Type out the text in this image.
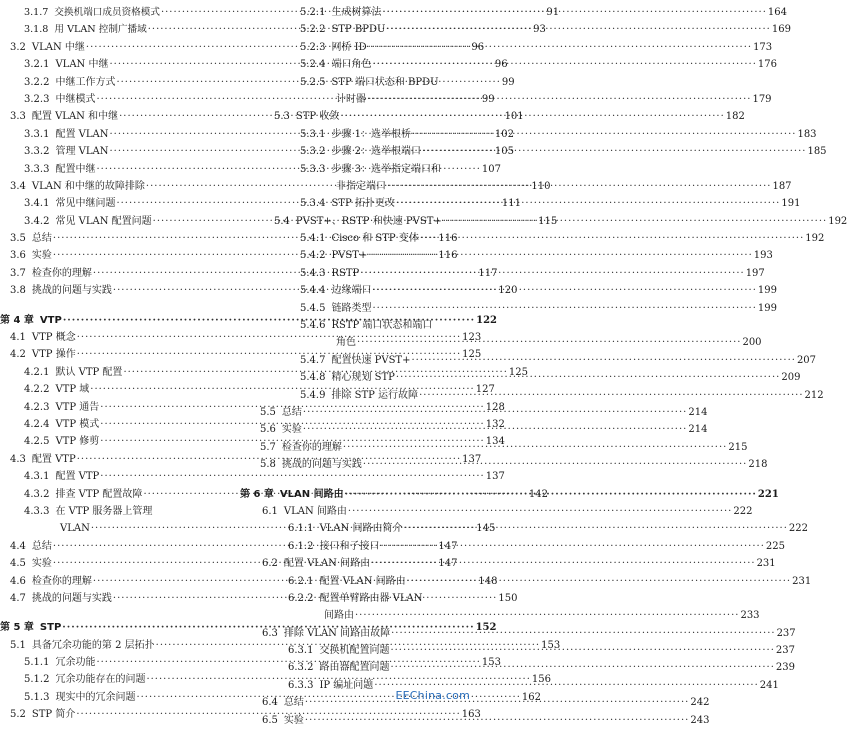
3.1.7 交换机端口成员资格模式 ·····	91
3.1.8 用 VLAN 控制广播域 ·····	93
3.2 VLAN 中继 ·····	96
3.2.1 VLAN 中继 ·····	96
3.2.2 中继工作方式 ·····	99
3.2.3 中继模式 ·····	99
3.3 配置 VLAN 和中继 ·····	101
3.3.1 配置 VLAN ·····	102
3.3.2 管理 VLAN ·····	105
3.3.3 配置中继 ·····	107
3.4 VLAN 和中继的故障排除 ·····	110
3.4.1 常见中继问题 ·····	111
3.4.2 常见 VLAN 配置问题 ·····	115
3.5 总结 ·····	116
3.6 实验 ·····	116
3.7 检查你的理解 ·····	117
3.8 挑战的问题与实践 ·····	120
第 4 章 VTP ·····	122
4.1 VTP 概念 ·····	123
4.2 VTP 操作 ·····	125
4.2.1 默认 VTP 配置 ·····	125
4.2.2 VTP 域 ·····	127
4.2.3 VTP 通告 ·····	128
4.2.4 VTP 模式 ·····	132
4.2.5 VTP 修剪 ·····	134
4.3 配置 VTP ·····	137
4.3.1 配置 VTP ·····	137
4.3.2 排查 VTP 配置故障 ·····	142
4.3.3 在 VTP 服务器上管理
VLAN ·····	145
4.4 总结 ·····	147
4.5 实验 ·····	147
4.6 检查你的理解 ·····	148
4.7 挑战的问题与实践 ·····	150
第 5 章 STP ·····	152
5.1 具备冗余功能的第 2 层拓扑 ·····	153
5.1.1 冗余功能 ·····	153
5.1.2 冗余功能存在的问题 ·····	156
5.1.3 现实中的冗余问题 ·····	162
5.2 STP 简介 ·····	163
5.2.1 生成树算法 ·····	164
5.2.2 STP BPDU ·····	169
5.2.3 网桥 ID ·····	173
5.2.4 端口角色 ·····	176
5.2.5 STP 端口状态和 BPDU
计时器 ·····	179
5.3 STP 收敛 ·····	182
5.3.1 步骤 1：选举根桥 ·····	183
5.3.2 步骤 2：选举根端口 ·····	185
5.3.3 步骤 3：选举指定端口和
非指定端口 ·····	187
5.3.4 STP 拓扑更改 ·····	191
5.4 PVST+、RSTP 和快速 PVST+ ·····	192
5.4.1 Cisco 和 STP 变体 ·····	192
5.4.2 PVST+ ·····	193
5.4.3 RSTP ·····	197
5.4.4 边缘端口 ·····	199
5.4.5 链路类型 ·····	199
5.4.6 RSTP 端口状态和端口
角色 ·····	200
5.4.7 配置快速 PVST+ ·····	207
5.4.8 精心规划 STP ·····	209
5.4.9 排除 STP 运行故障 ·····	212
5.5 总结 ·····	214
5.6 实验 ·····	214
5.7 检查你的理解 ·····	215
5.8 挑战的问题与实践 ·····	218
第 6 章 VLAN 间路由 ·····	221
6.1 VLAN 间路由 ·····	222
6.1.1 VLAN 间路由简介 ·····	222
6.1.2 接口和子接口 ·····	225
6.2 配置 VLAN 间路由 ·····	231
6.2.1 配置 VLAN 间路由 ·····	231
6.2.2 配置单臂路由器 VLAN
间路由 ·····	233
6.3 排除 VLAN 间路由故障 ·····	237
6.3.1 交换机配置问题 ·····	237
6.3.2 路由器配置问题 ·····	239
6.3.3 IP 编址问题 ·····	241
6.4 总结 ·····	242
6.5 实验 ·····	243
EEChina.com
